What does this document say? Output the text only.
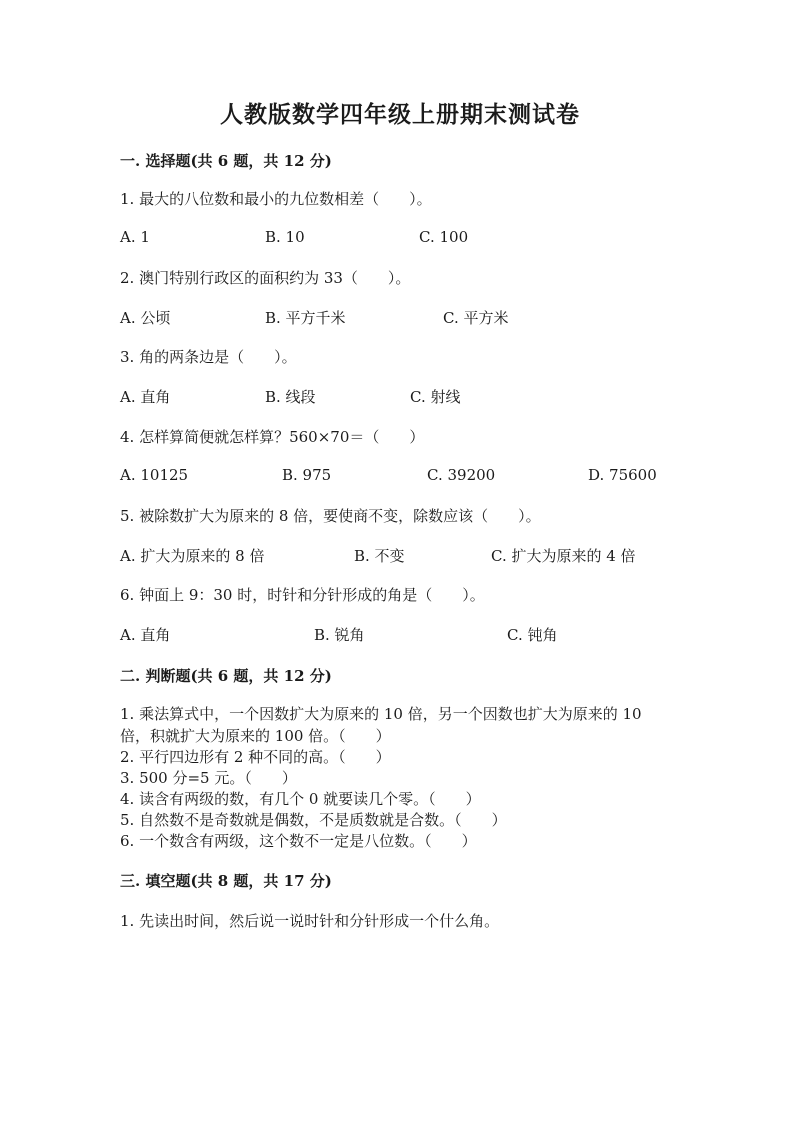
人教版数学四年级上册期末测试卷
一. 选择题(共 6 题，共 12 分)
1. 最大的八位数和最小的九位数相差（　　）。
A. 1	B. 10	C. 100
2. 澳门特别行政区的面积约为 33（　　）。
A. 公顷	B. 平方千米	C. 平方米
3. 角的两条边是（　　）。
A. 直角	B. 线段	C. 射线
4. 怎样算简便就怎样算？560×70＝（　　）
A. 10125	B. 975	C. 39200	D. 75600
5. 被除数扩大为原来的 8 倍，要使商不变，除数应该（　　）。
A. 扩大为原来的 8 倍	B. 不变	C. 扩大为原来的 4 倍
6. 钟面上 9：30 时，时针和分针形成的角是（　　）。
A. 直角	B. 锐角	C. 钝角
二. 判断题(共 6 题，共 12 分)
1. 乘法算式中，一个因数扩大为原来的 10 倍，另一个因数也扩大为原来的 10
倍，积就扩大为原来的 100 倍。（　　）
2. 平行四边形有 2 种不同的高。（　　）
3. 500 分=5 元。（　　）
4. 读含有两级的数，有几个 0 就要读几个零。（　　）
5. 自然数不是奇数就是偶数，不是质数就是合数。（　　）
6. 一个数含有两级，这个数不一定是八位数。（　　）
三. 填空题(共 8 题，共 17 分)
1. 先读出时间，然后说一说时针和分针形成一个什么角。
